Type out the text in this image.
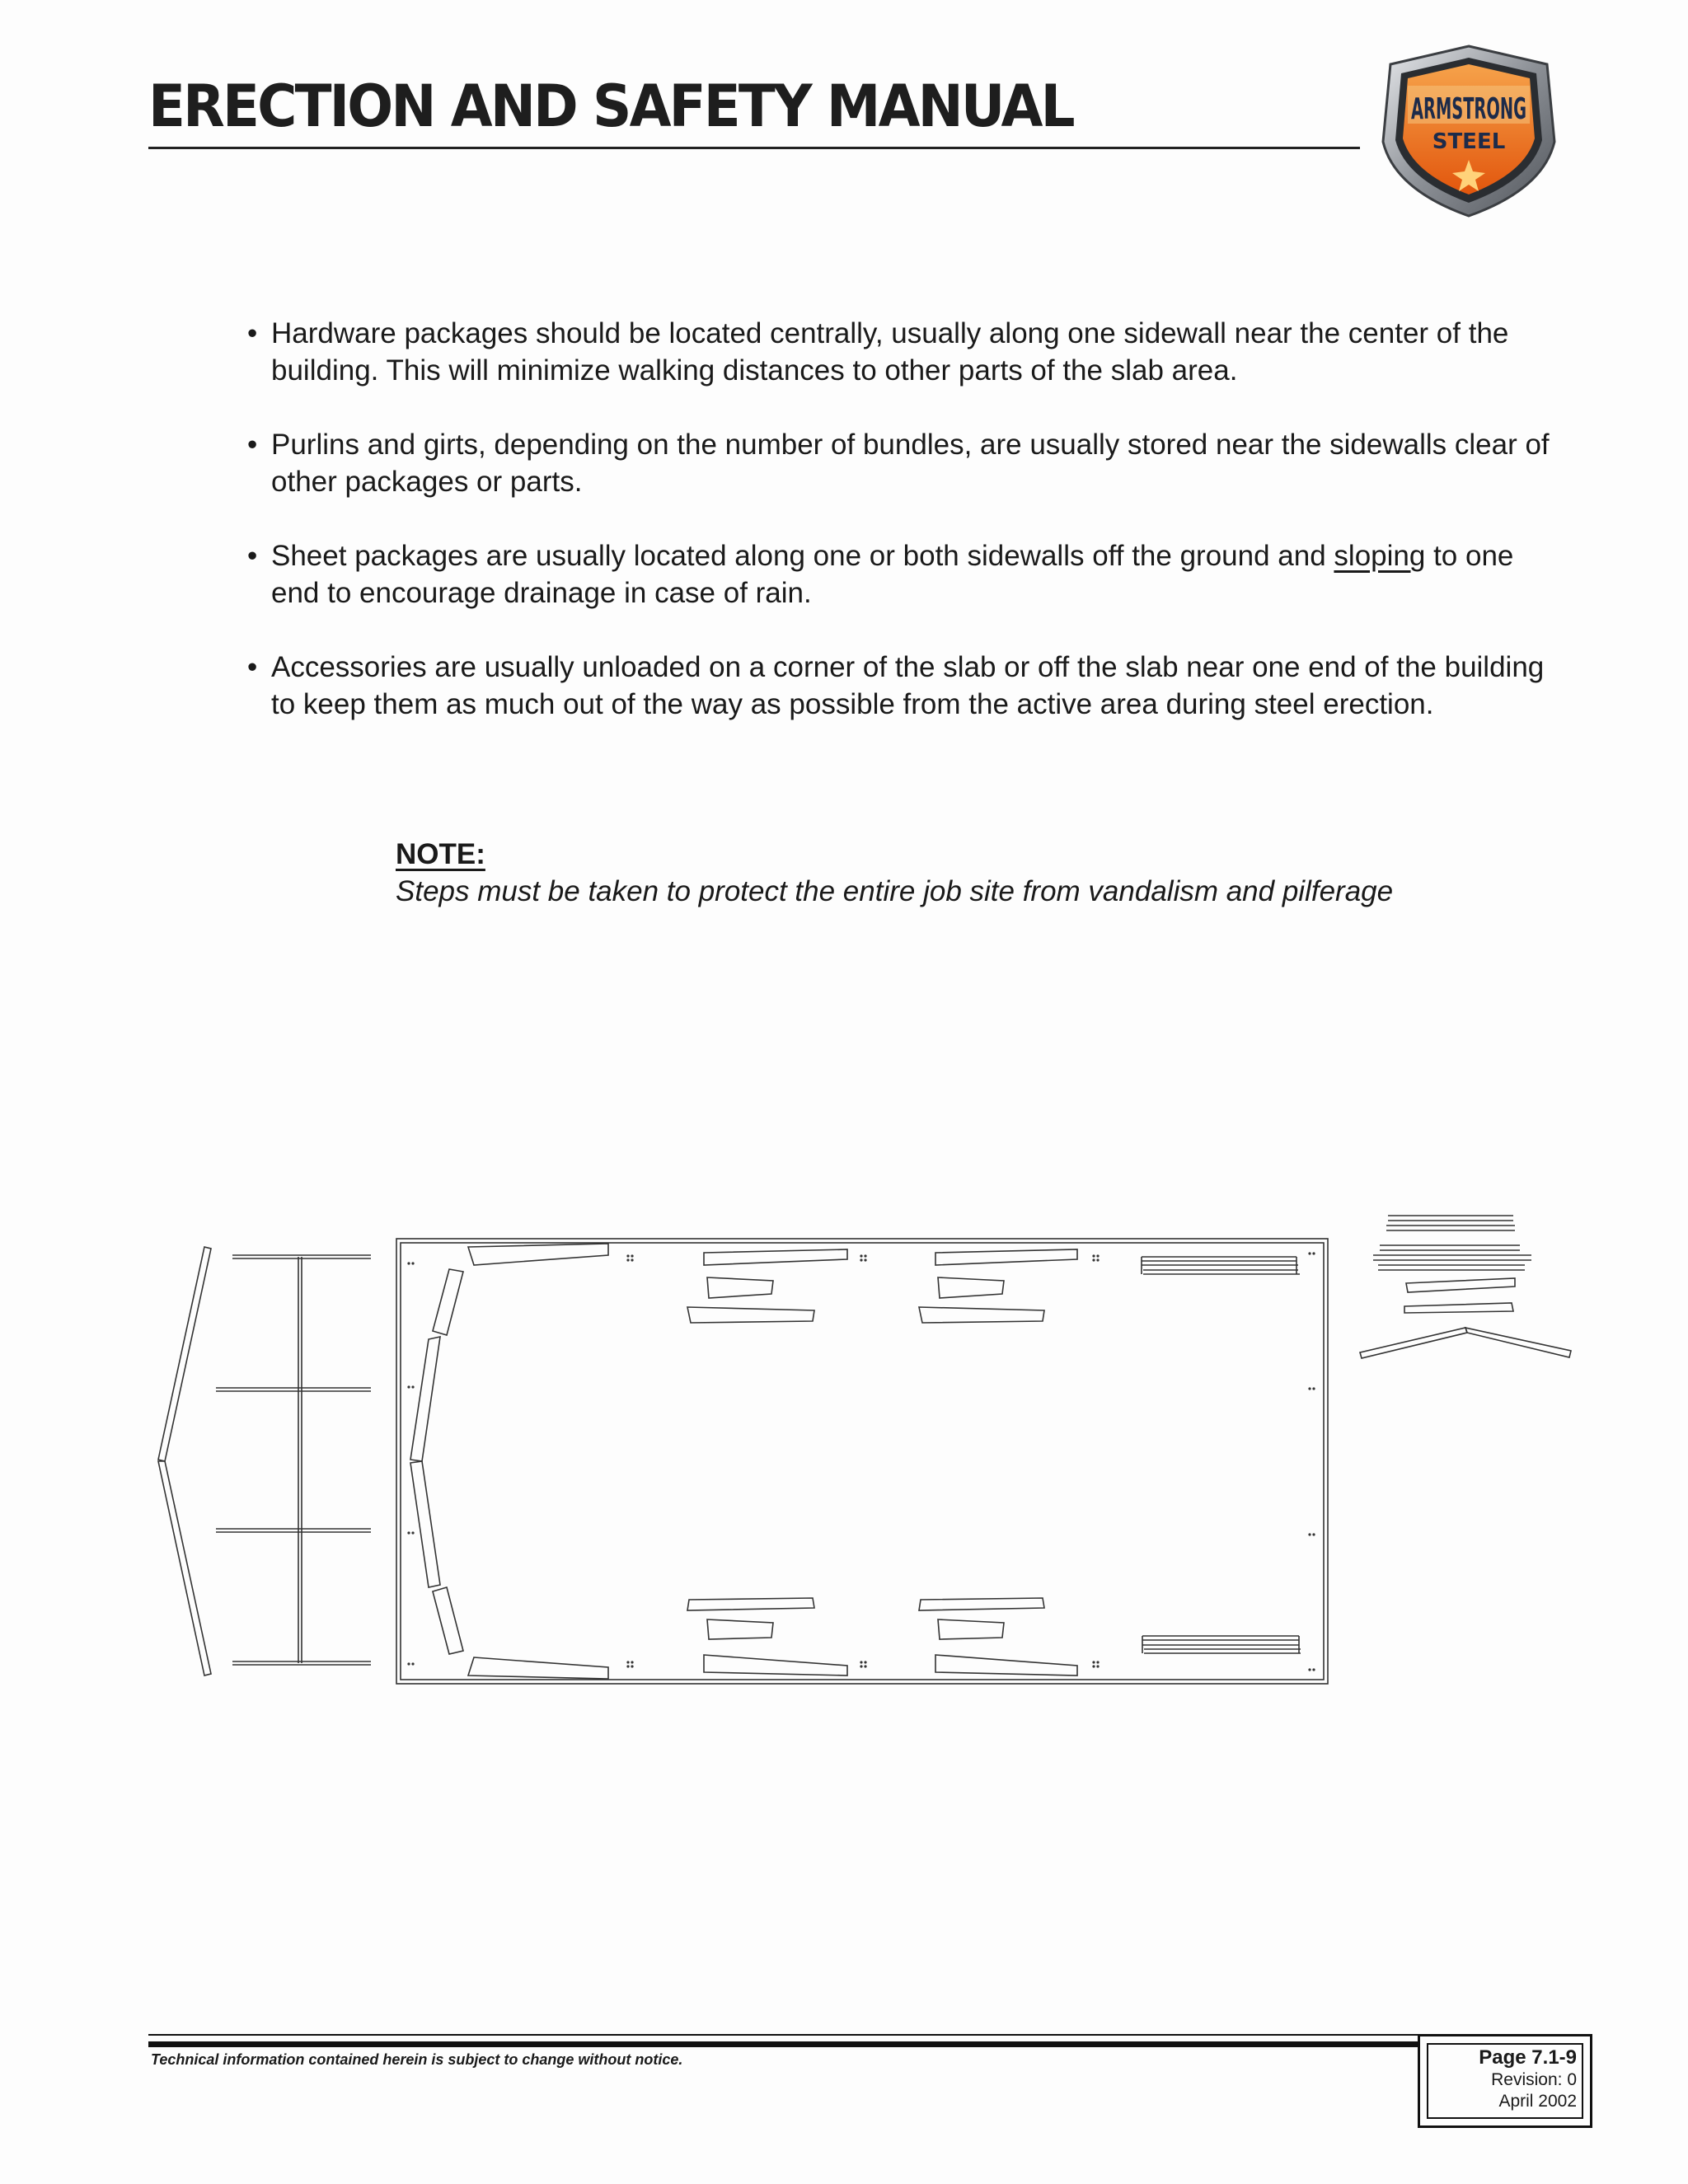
ERECTION AND SAFETY MANUAL	ARMSTRONG
STEEL
• Hardware packages should be located centrally, usually along one sidewall near the center of the building. This will minimize walking distances to other parts of the slab area.
• Purlins and girts, depending on the number of bundles, are usually stored near the sidewalls clear of other packages or parts.
• Sheet packages are usually located along one or both sidewalls off the ground and sloping to one end to encourage drainage in case of rain.
• Accessories are usually unloaded on a corner of the slab or off the slab near one end of the building to keep them as much out of the way as possible from the active area during steel erection.
NOTE:
Steps must be taken to protect the entire job site from vandalism and pilferage
Technical information contained herein is subject to change without notice.	Page 7.1-9
Revision: 0
April 2002
